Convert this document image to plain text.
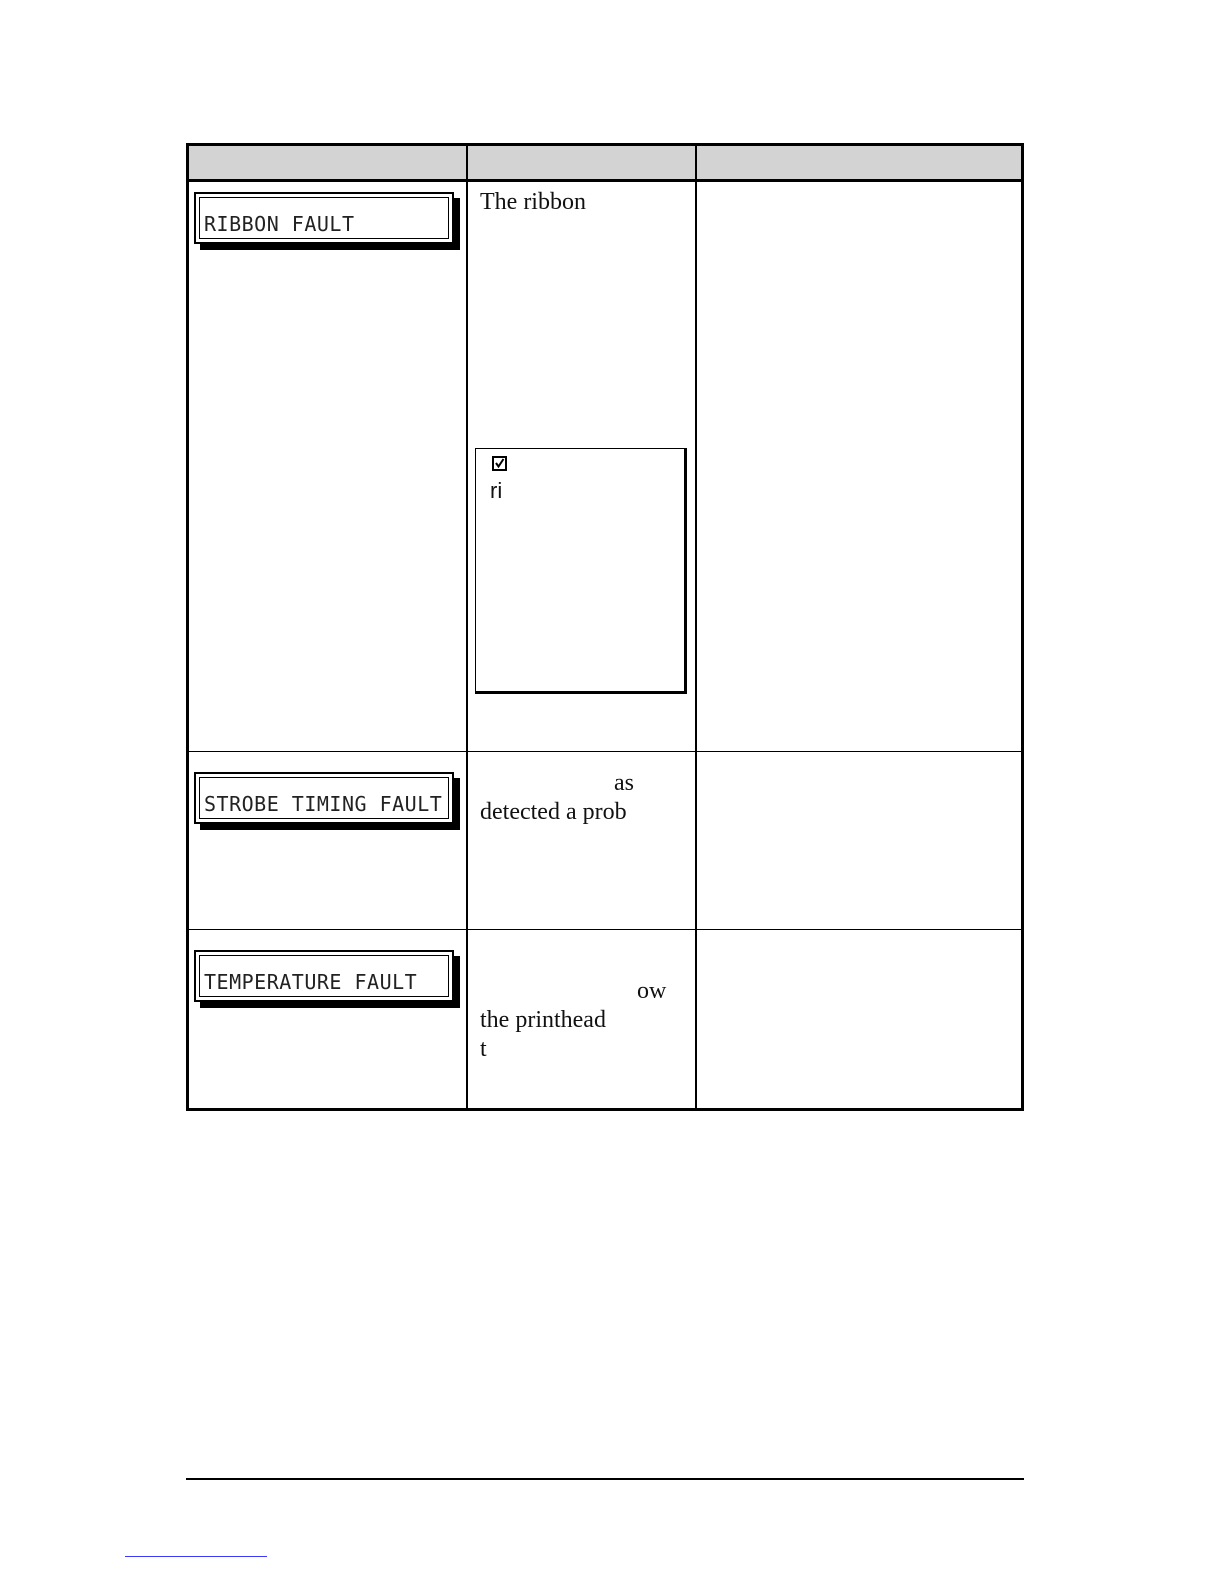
RIBBON FAULT
The ribbon
ri
STROBE TIMING FAULT
as
detected a prob
TEMPERATURE FAULT	ow
the printhead
t
